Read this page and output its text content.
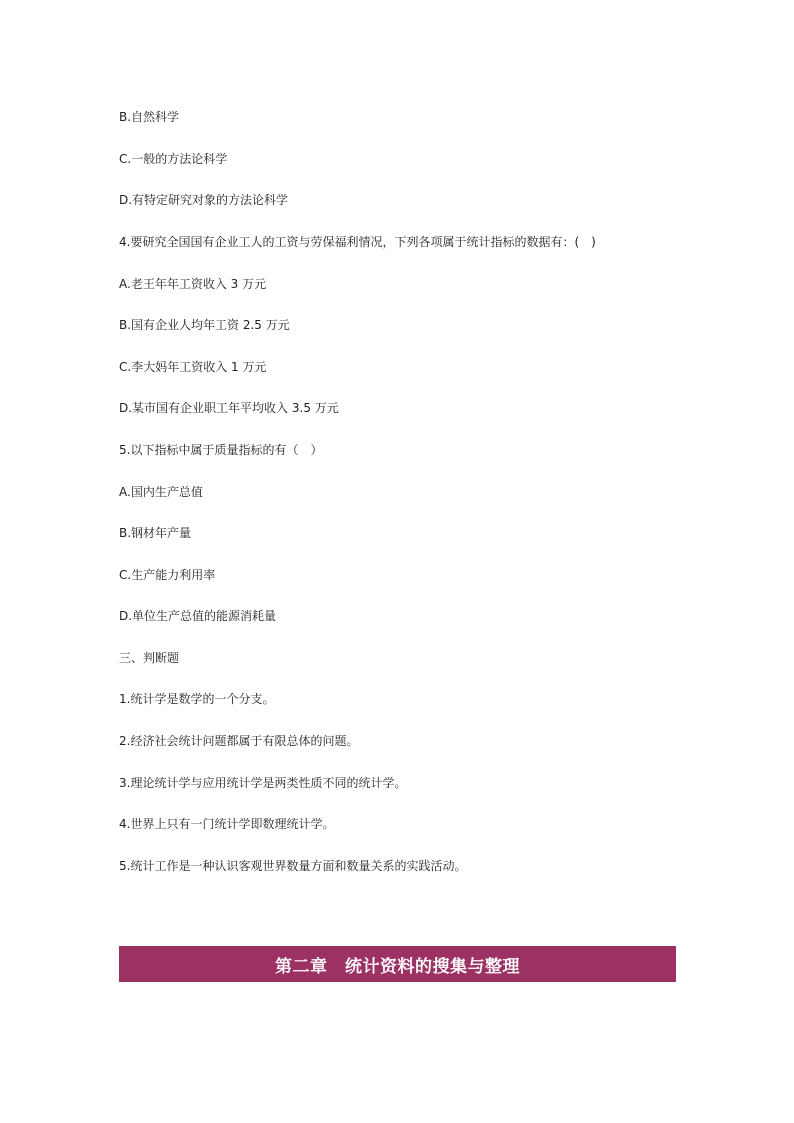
B.自然科学
C.一般的方法论科学
D.有特定研究对象的方法论科学
4.要研究全国国有企业工人的工资与劳保福利情况，下列各项属于统计指标的数据有：(　)
A.老王年年工资收入 3 万元
B.国有企业人均年工资 2.5 万元
C.李大妈年工资收入 1 万元
D.某市国有企业职工年平均收入 3.5 万元
5.以下指标中属于质量指标的有（　）
A.国内生产总值
B.钢材年产量
C.生产能力利用率
D.单位生产总值的能源消耗量
三、判断题
1.统计学是数学的一个分支。
2.经济社会统计问题都属于有限总体的问题。
3.理论统计学与应用统计学是两类性质不同的统计学。
4.世界上只有一门统计学即数理统计学。
5.统计工作是一种认识客观世界数量方面和数量关系的实践活动。
第二章　统计资料的搜集与整理
